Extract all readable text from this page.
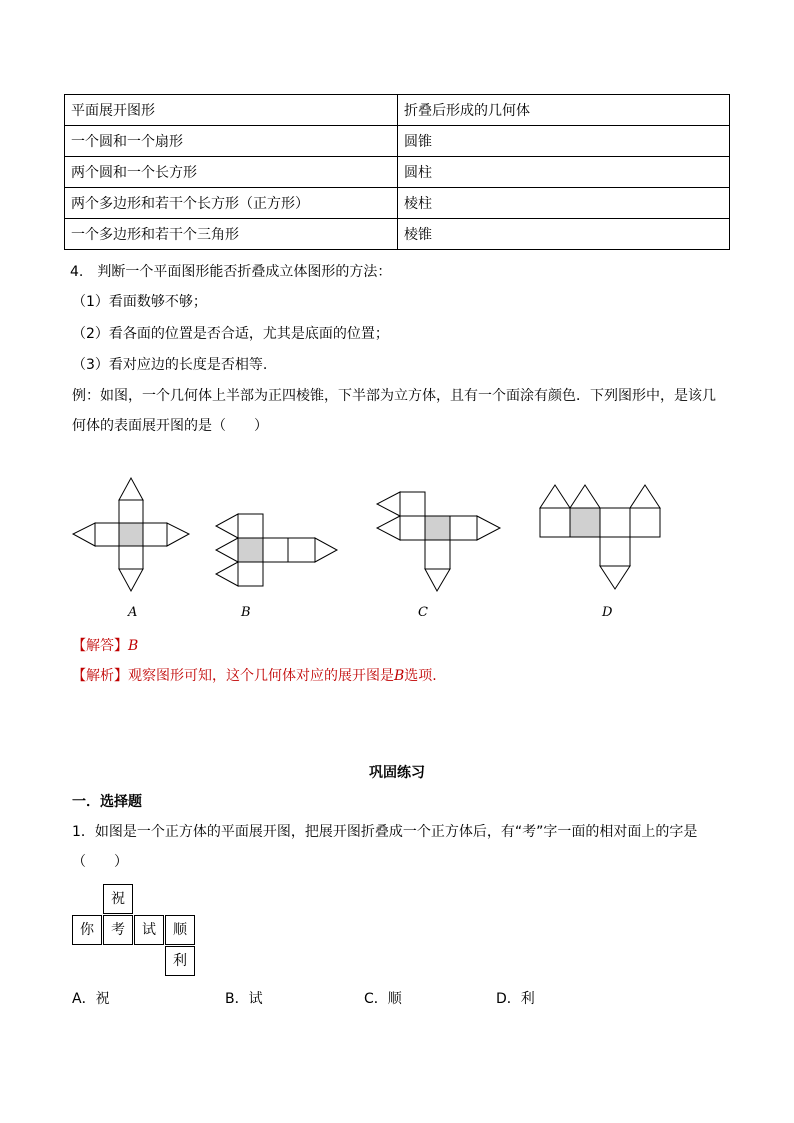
平面展开图形	折叠后形成的几何体
一个圆和一个扇形	圆锥
两个圆和一个长方形	圆柱
两个多边形和若干个长方形（正方形）	棱柱
一个多边形和若干个三角形	棱锥
4.　判断一个平面图形能否折叠成立体图形的方法：
（1）看面数够不够；
（2）看各面的位置是否合适，尤其是底面的位置；
（3）看对应边的长度是否相等.
例：如图，一个几何体上半部为正四棱锥，下半部为立方体，且有一个面涂有颜色．下列图形中，是该几
何体的表面展开图的是（　　）
A	B	C	D
【解答】B
【解析】观察图形可知，这个几何体对应的展开图是B选项.
巩固练习
一．选择题
1．如图是一个正方体的平面展开图，把展开图折叠成一个正方体后，有“考”字一面的相对面上的字是
（　　）
祝
你	考	试	顺
利
A．祝	B．试	C．顺	D．利
